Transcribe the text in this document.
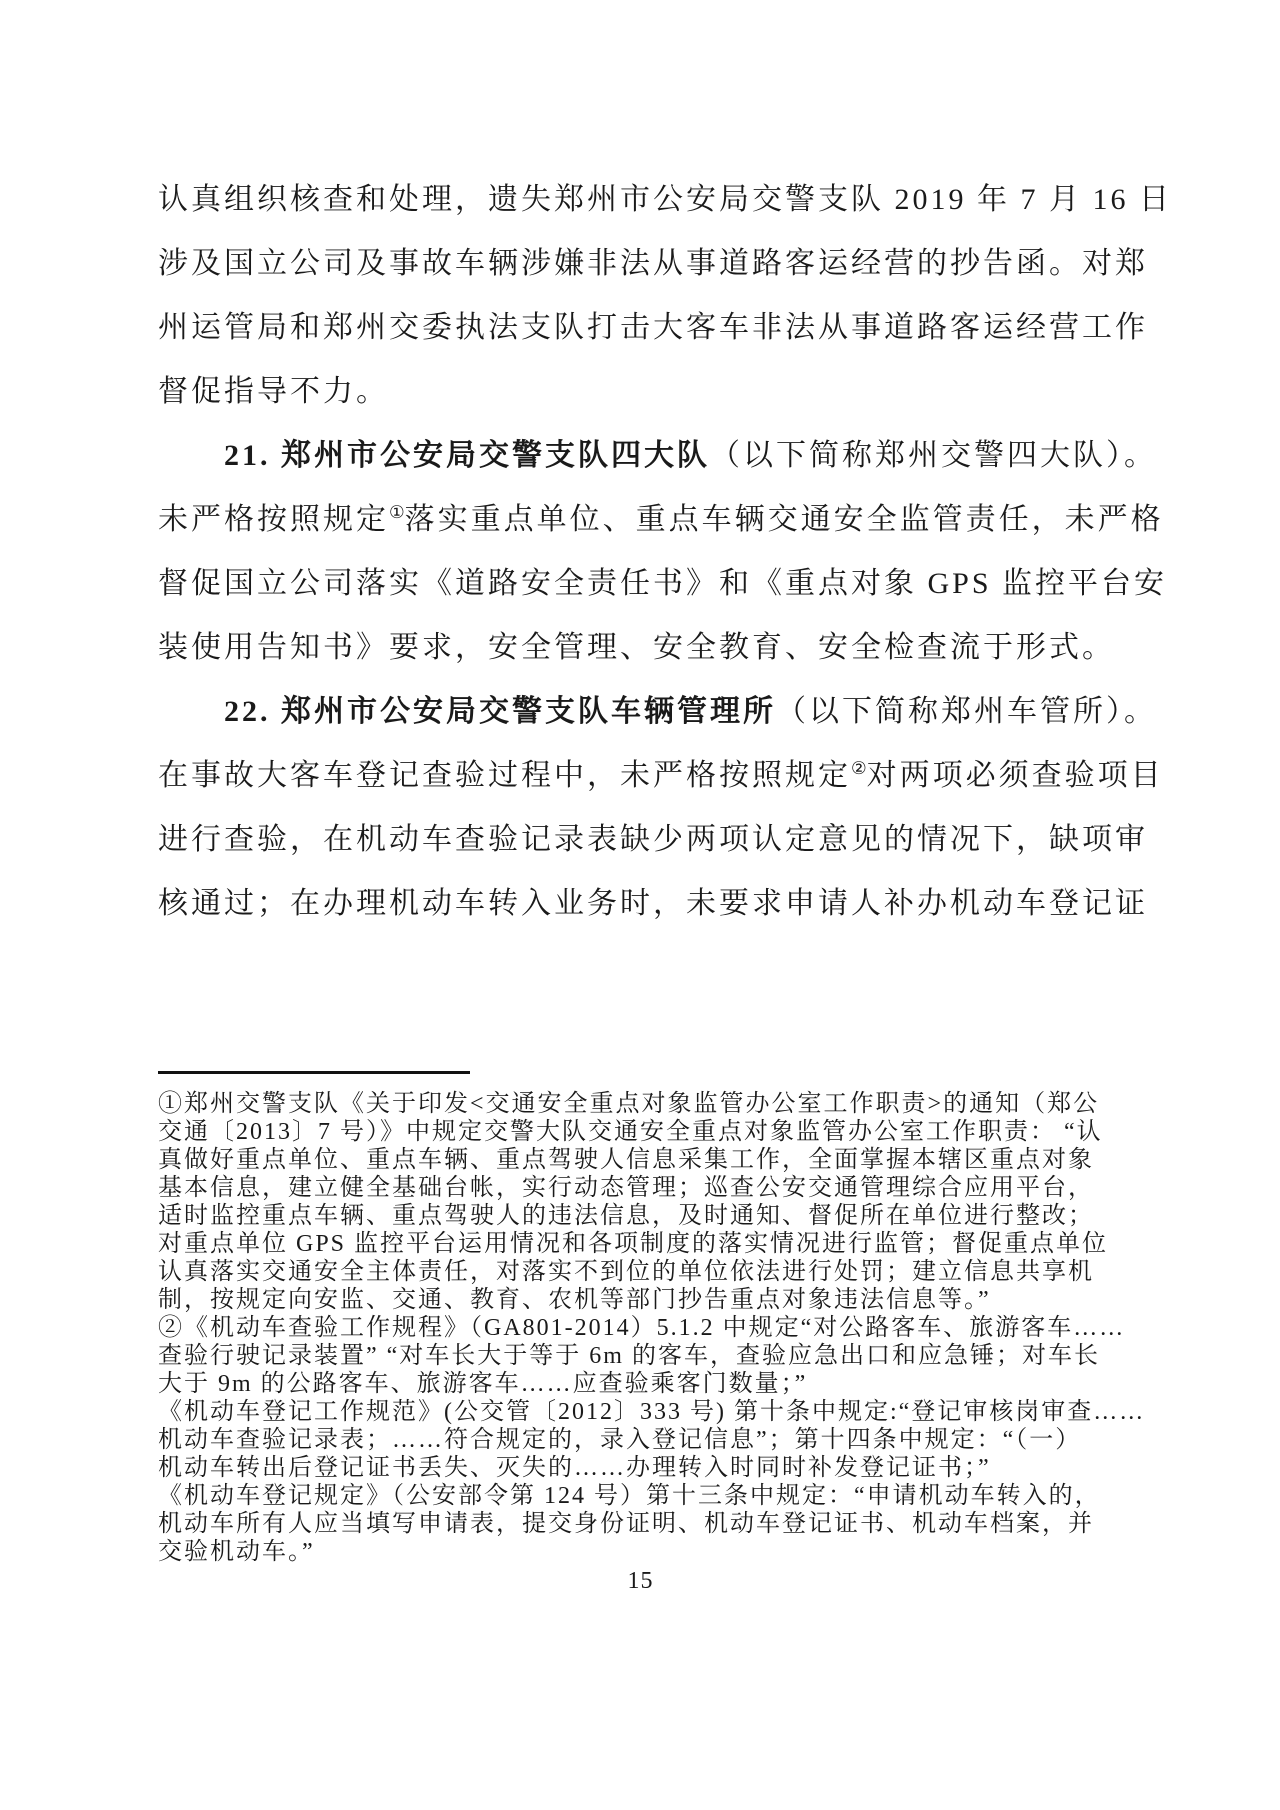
认真组织核查和处理，遗失郑州市公安局交警支队 2019 年 7 月 16 日
涉及国立公司及事故车辆涉嫌非法从事道路客运经营的抄告函。对郑
州运管局和郑州交委执法支队打击大客车非法从事道路客运经营工作
督促指导不力。
　　21. 郑州市公安局交警支队四大队（以下简称郑州交警四大队）。
未严格按照规定①落实重点单位、重点车辆交通安全监管责任，未严格
督促国立公司落实《道路安全责任书》和《重点对象 GPS 监控平台安
装使用告知书》要求，安全管理、安全教育、安全检查流于形式。
　　22. 郑州市公安局交警支队车辆管理所（以下简称郑州车管所）。
在事故大客车登记查验过程中，未严格按照规定②对两项必须查验项目
进行查验，在机动车查验记录表缺少两项认定意见的情况下，缺项审
核通过；在办理机动车转入业务时，未要求申请人补办机动车登记证
①郑州交警支队《关于印发<交通安全重点对象监管办公室工作职责>的通知（郑公
交通〔2013〕7 号）》中规定交警大队交通安全重点对象监管办公室工作职责： “认
真做好重点单位、重点车辆、重点驾驶人信息采集工作，全面掌握本辖区重点对象
基本信息，建立健全基础台帐，实行动态管理；巡查公安交通管理综合应用平台，
适时监控重点车辆、重点驾驶人的违法信息，及时通知、督促所在单位进行整改；
对重点单位 GPS 监控平台运用情况和各项制度的落实情况进行监管；督促重点单位
认真落实交通安全主体责任，对落实不到位的单位依法进行处罚；建立信息共享机
制，按规定向安监、交通、教育、农机等部门抄告重点对象违法信息等。”
②《机动车查验工作规程》（GA801-2014）5.1.2 中规定“对公路客车、旅游客车……
查验行驶记录装置” “对车长大于等于 6m 的客车，查验应急出口和应急锤；对车长
大于 9m 的公路客车、旅游客车……应查验乘客门数量；”
《机动车登记工作规范》(公交管〔2012〕333 号) 第十条中规定:“登记审核岗审查……
机动车查验记录表；……符合规定的，录入登记信息”；第十四条中规定：“（一）
机动车转出后登记证书丢失、灭失的……办理转入时同时补发登记证书；”
《机动车登记规定》（公安部令第 124 号）第十三条中规定：“申请机动车转入的，
机动车所有人应当填写申请表，提交身份证明、机动车登记证书、机动车档案，并
交验机动车。”
15
